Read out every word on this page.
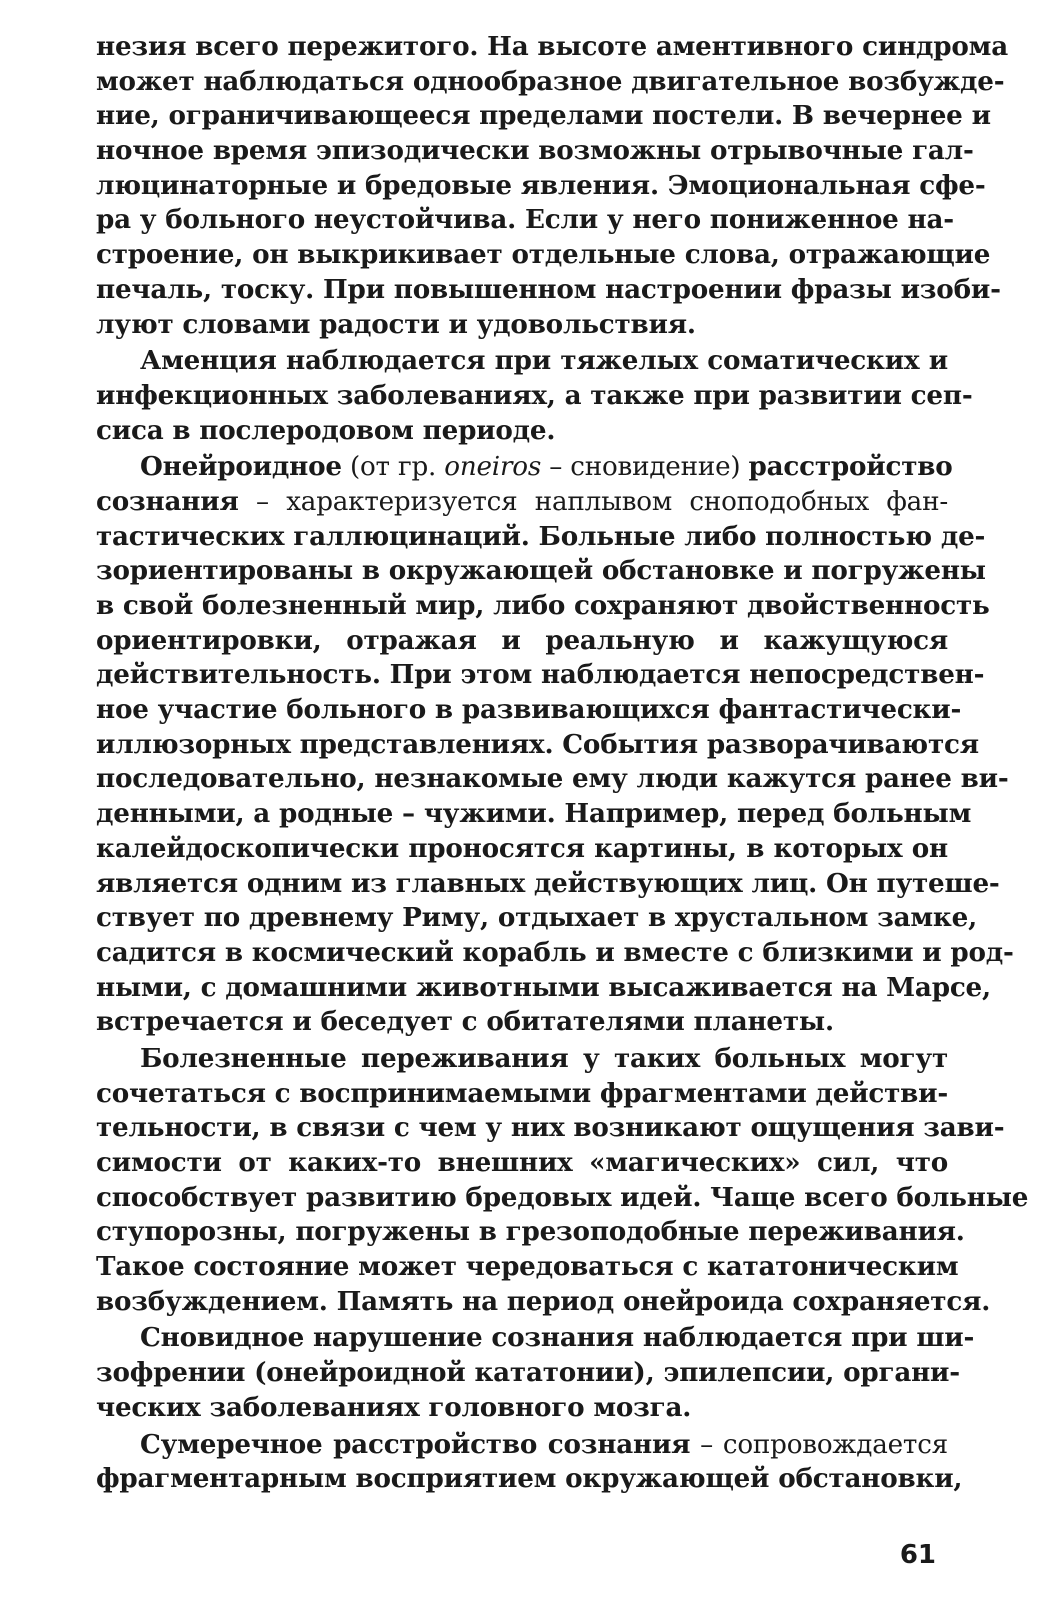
незия всего пережитого. На высоте аментивного синдрома
может наблюдаться однообразное двигательное возбужде-
ние, ограничивающееся пределами постели. В вечернее и
ночное время эпизодически возможны отрывочные гал-
люцинаторные и бредовые явления. Эмоциональная сфе-
ра у больного неустойчива. Если у него пониженное на-
строение, он выкрикивает отдельные слова, отражающие
печаль, тоску. При повышенном настроении фразы изоби-
луют словами радости и удовольствия.
Аменция наблюдается при тяжелых соматических и
инфекционных заболеваниях, а также при развитии сеп-
сиса в послеродовом периоде.
Онейроидное (от гр. oneiros – сновидение) расстройство
сознания – характеризуется наплывом сноподобных фан-
тастических галлюцинаций. Больные либо полностью де-
зориентированы в окружающей обстановке и погружены
в свой болезненный мир, либо сохраняют двойственность
ориентировки, отражая и реальную и кажущуюся
действительность. При этом наблюдается непосредствен-
ное участие больного в развивающихся фантастически-
иллюзорных представлениях. События разворачиваются
последовательно, незнакомые ему люди кажутся ранее ви-
денными, а родные – чужими. Например, перед больным
калейдоскопически проносятся картины, в которых он
является одним из главных действующих лиц. Он путеше-
ствует по древнему Риму, отдыхает в хрустальном замке,
садится в космический корабль и вместе с близкими и род-
ными, с домашними животными высаживается на Марсе,
встречается и беседует с обитателями планеты.
Болезненные переживания у таких больных могут
сочетаться с воспринимаемыми фрагментами действи-
тельности, в связи с чем у них возникают ощущения зави-
симости от каких-то внешних «магических» сил, что
способствует развитию бредовых идей. Чаще всего больные
ступорозны, погружены в грезоподобные переживания.
Такое состояние может чередоваться с кататоническим
возбуждением. Память на период онейроида сохраняется.
Сновидное нарушение сознания наблюдается при ши-
зофрении (онейроидной кататонии), эпилепсии, органи-
ческих заболеваниях головного мозга.
Сумеречное расстройство сознания – сопровождается
фрагментарным восприятием окружающей обстановки,
61
